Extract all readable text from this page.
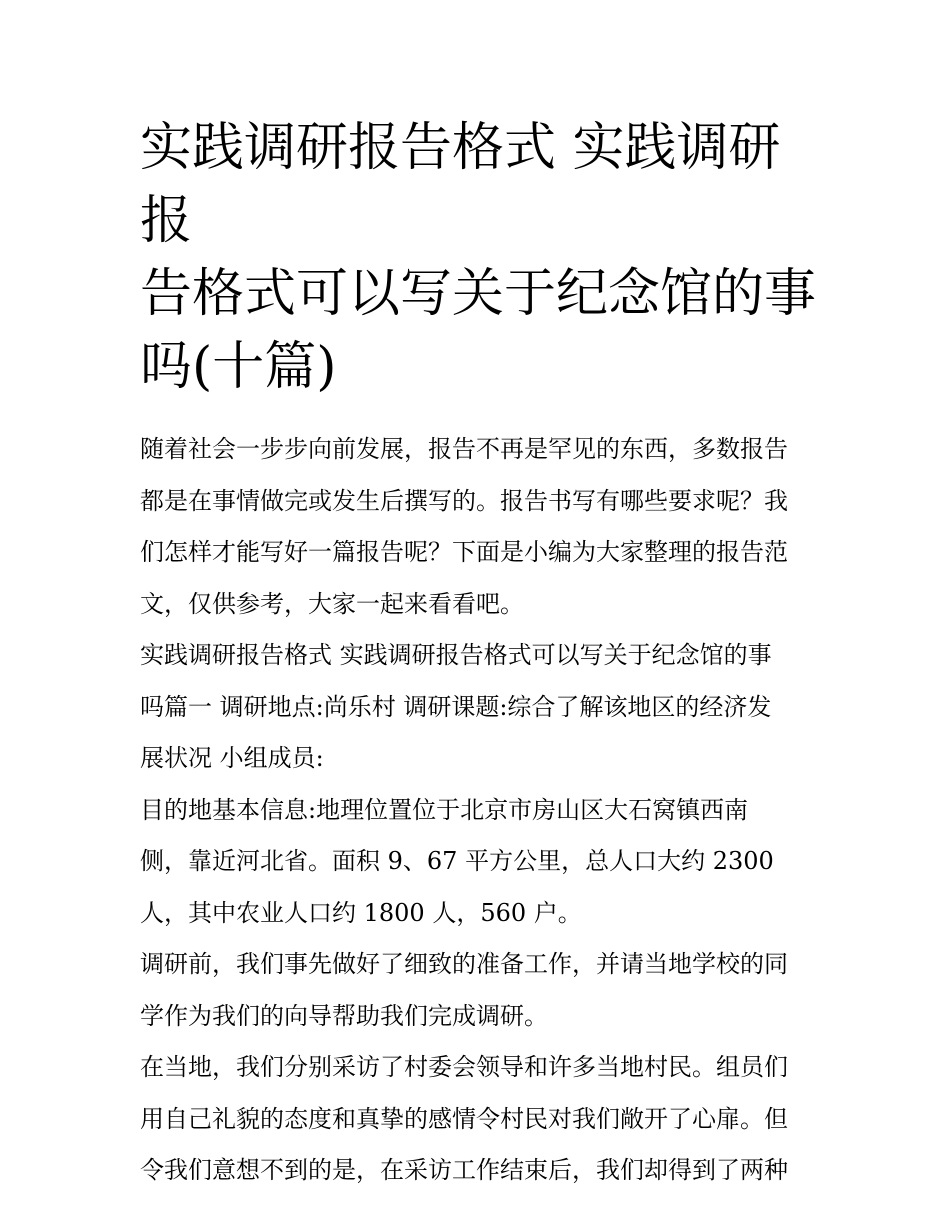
实践调研报告格式 实践调研报
告格式可以写关于纪念馆的事
吗(十篇)

随着社会一步步向前发展，报告不再是罕见的东西，多数报告
都是在事情做完或发生后撰写的。报告书写有哪些要求呢？我
们怎样才能写好一篇报告呢？下面是小编为大家整理的报告范
文，仅供参考，大家一起来看看吧。

实践调研报告格式 实践调研报告格式可以写关于纪念馆的事
吗篇一 调研地点:尚乐村 调研课题:综合了解该地区的经济发
展状况 小组成员:

目的地基本信息:地理位置位于北京市房山区大石窝镇西南
侧，靠近河北省。面积 9、67 平方公里，总人口大约 2300
人，其中农业人口约 1800 人，560 户。

调研前，我们事先做好了细致的准备工作，并请当地学校的同
学作为我们的向导帮助我们完成调研。

在当地，我们分别采访了村委会领导和许多当地村民。组员们
用自己礼貌的态度和真挚的感情令村民对我们敞开了心扉。但
令我们意想不到的是，在采访工作结束后，我们却得到了两种
